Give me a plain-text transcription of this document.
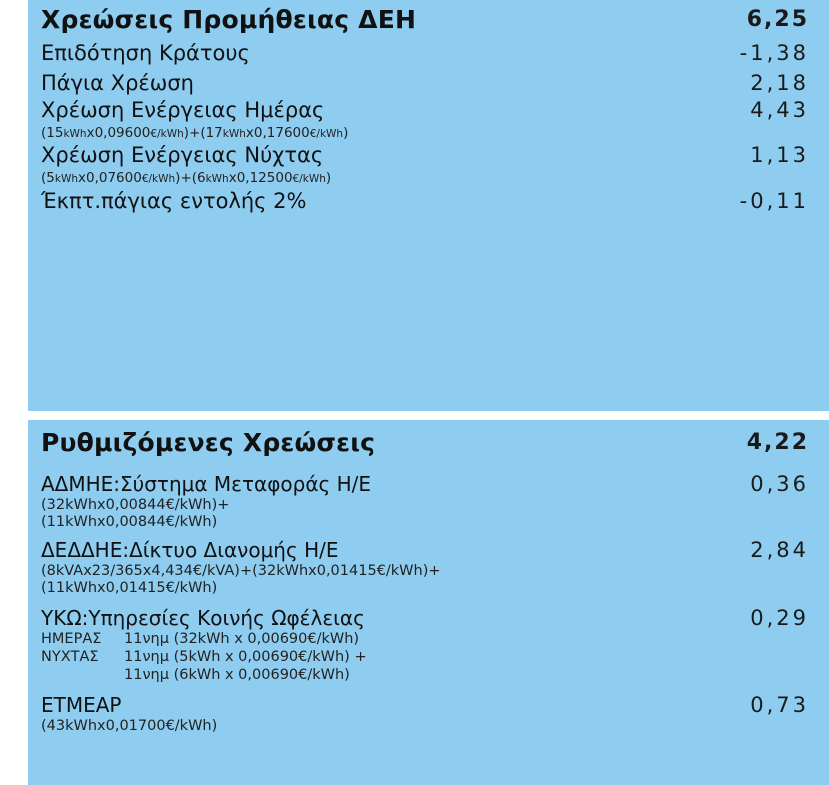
Χρεώσεις Προμήθειας ΔΕΗ	6,25
Επιδότηση Κράτους	-1,38
Πάγια Χρέωση	2,18
Χρέωση Ενέργειας Ημέρας	4,43
(15kWhx0,09600€/kWh)+(17kWhx0,17600€/kWh)
Χρέωση Ενέργειας Νύχτας	1,13
(5kWhx0,07600€/kWh)+(6kWhx0,12500€/kWh)
Έκπτ.πάγιας εντολής 2%	-0,11
Ρυθμιζόμενες Χρεώσεις	4,22
ΑΔΜΗΕ:Σύστημα Μεταφοράς Η/Ε	0,36
(32kWhx0,00844€/kWh)+
(11kWhx0,00844€/kWh)
ΔΕΔΔΗΕ:Δίκτυο Διανομής Η/Ε	2,84
(8kVAx23/365x4,434€/kVA)+(32kWhx0,01415€/kWh)+
(11kWhx0,01415€/kWh)
ΥΚΩ:Υπηρεσίες Κοινής Ωφέλειας	0,29
ΗΜΕΡΑΣ 11νημ (32kWh x 0,00690€/kWh)
ΝΥΧΤΑΣ 11νημ (5kWh x 0,00690€/kWh) +
11νημ (6kWh x 0,00690€/kWh)
ΕΤΜΕΑΡ	0,73
(43kWhx0,01700€/kWh)
